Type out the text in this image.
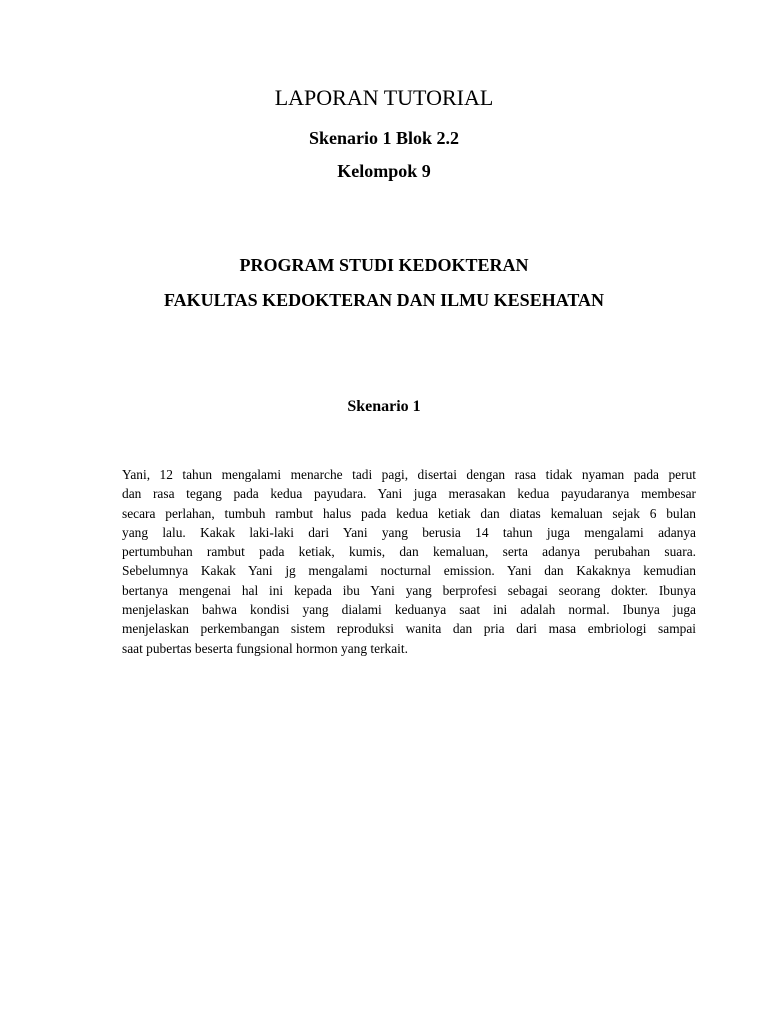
LAPORAN TUTORIAL
Skenario 1 Blok 2.2
Kelompok 9
PROGRAM STUDI KEDOKTERAN
FAKULTAS KEDOKTERAN DAN ILMU KESEHATAN
Skenario 1
Yani, 12 tahun mengalami menarche tadi pagi, disertai dengan rasa tidak nyaman pada perut
dan rasa tegang pada kedua payudara. Yani juga merasakan kedua payudaranya membesar
secara perlahan, tumbuh rambut halus pada kedua ketiak dan diatas kemaluan sejak 6 bulan
yang lalu. Kakak laki-laki dari Yani yang berusia 14 tahun juga mengalami adanya
pertumbuhan rambut pada ketiak, kumis, dan kemaluan, serta adanya perubahan suara.
Sebelumnya Kakak Yani jg mengalami nocturnal emission. Yani dan Kakaknya kemudian
bertanya mengenai hal ini kepada ibu Yani yang berprofesi sebagai seorang dokter. Ibunya
menjelaskan bahwa kondisi yang dialami keduanya saat ini adalah normal. Ibunya juga
menjelaskan perkembangan sistem reproduksi wanita dan pria dari masa embriologi sampai
saat pubertas beserta fungsional hormon yang terkait.
